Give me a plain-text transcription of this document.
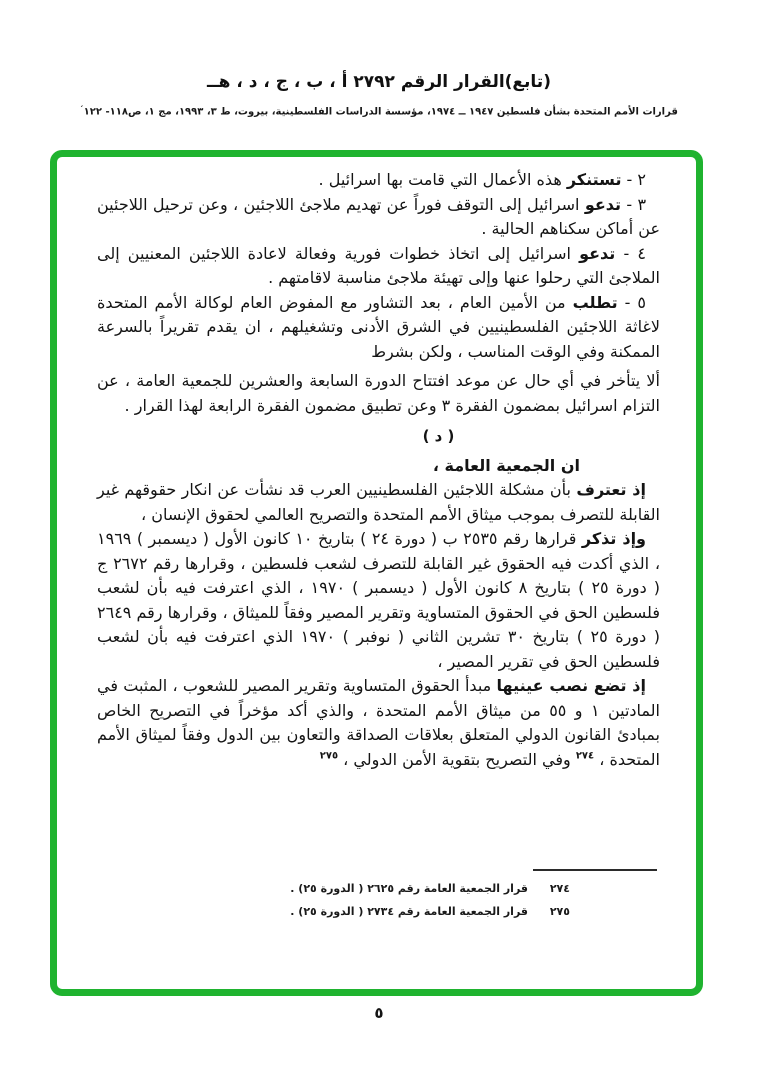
(تابع)القرار الرقم ٢٧٩٢ أ ، ب ، ج ، د ، هــ
قرارات الأمم المتحدة بشأن فلسطين ١٩٤٧ ــ ١٩٧٤، مؤسسة الدراسات الفلسطينية، بيروت، ط ٣، ١٩٩٣، مج ١، ص١١٨- ١٢٢׳

٢ - تستنكر هذه الأعمال التي قامت بها اسرائيل .

٣ - تدعو اسرائيل إلى التوقف فوراً عن تهديم ملاجئ اللاجئين ، وعن ترحيل اللاجئين عن أماكن سكناهم الحالية .

٤ - تدعو اسرائيل إلى اتخاذ خطوات فورية وفعالة لاعادة اللاجئين المعنيين إلى الملاجئ التي رحلوا عنها وإلى تهيئة ملاجئ مناسبة لاقامتهم .

٥ - تطلب من الأمين العام ، بعد التشاور مع المفوض العام لوكالة الأمم المتحدة لاغاثة اللاجئين الفلسطينيين في الشرق الأدنى وتشغيلهم ، ان يقدم تقريراً بالسرعة الممكنة وفي الوقت المناسب ، ولكن بشرط

ألا يتأخر في أي حال عن موعد افتتاح الدورة السابعة والعشرين للجمعية العامة ، عن التزام اسرائيل بمضمون الفقرة ٣ وعن تطبيق مضمون الفقرة الرابعة لهذا القرار .

( د )

ان الجمعية العامة ،

إذ تعترف بأن مشكلة اللاجئين الفلسطينيين العرب قد نشأت عن انكار حقوقهم غير القابلة للتصرف بموجب ميثاق الأمم المتحدة والتصريح العالمي لحقوق الإنسان ،

وإذ تذكر قرارها رقم ٢٥٣٥ ب ( دورة ٢٤ ) بتاريخ ١٠ كانون الأول ( ديسمبر ) ١٩٦٩ ، الذي أكدت فيه الحقوق غير القابلة للتصرف لشعب فلسطين ، وقرارها رقم ٢٦٧٢ ج ( دورة ٢٥ ) بتاريخ ٨ كانون الأول ( ديسمبر ) ١٩٧٠ ، الذي اعترفت فيه بأن لشعب فلسطين الحق في الحقوق المتساوية وتقرير المصير وفقاً للميثاق ، وقرارها رقم ٢٦٤٩ ( دورة ٢٥ ) بتاريخ ٣٠ تشرين الثاني ( نوفبر ) ١٩٧٠ الذي اعترفت فيه بأن لشعب فلسطين الحق في تقرير المصير ،

إذ تضع نصب عينيها مبدأ الحقوق المتساوية وتقرير المصير للشعوب ، المثبت في المادتين ١ و ٥٥ من ميثاق الأمم المتحدة ، والذي أكد مؤخراً في التصريح الخاص بمبادئ القانون الدولي المتعلق بعلاقات الصداقة والتعاون بين الدول وفقاً لميثاق الأمم المتحدة ، $^{٢٧٤}$ وفي التصريح بتقوية الأمن الدولي ، $^{٢٧٥}$

٢٧٤
قرار الجمعية العامة رقم ٢٦٢٥ ( الدورة ٢٥) .
٢٧٥
قرار الجمعية العامة رقم ٢٧٣٤ ( الدورة ٢٥) .
٥
